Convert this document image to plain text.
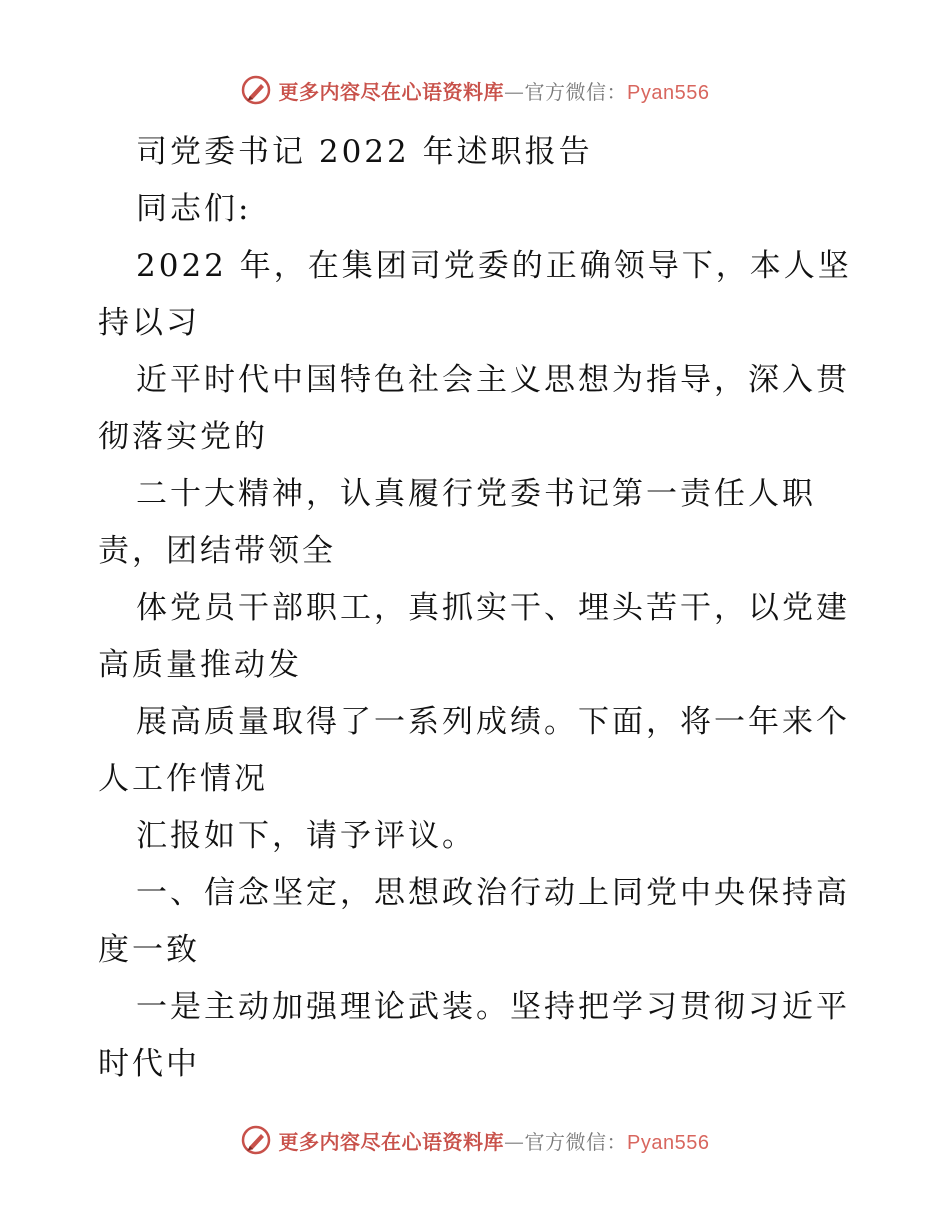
更多内容尽在心语资料库—官方微信：Pyan556
司党委书记 2022 年述职报告
同志们:
2022 年，在集团司党委的正确领导下，本人坚
持以习
近平时代中国特色社会主义思想为指导，深入贯
彻落实党的
二十大精神，认真履行党委书记第一责任人职
责，团结带领全
体党员干部职工，真抓实干、埋头苦干，以党建
高质量推动发
展高质量取得了一系列成绩。下面，将一年来个
人工作情况
汇报如下，请予评议。
一、信念坚定，思想政治行动上同党中央保持高
度一致
一是主动加强理论武装。坚持把学习贯彻习近平
时代中
更多内容尽在心语资料库—官方微信：Pyan556
